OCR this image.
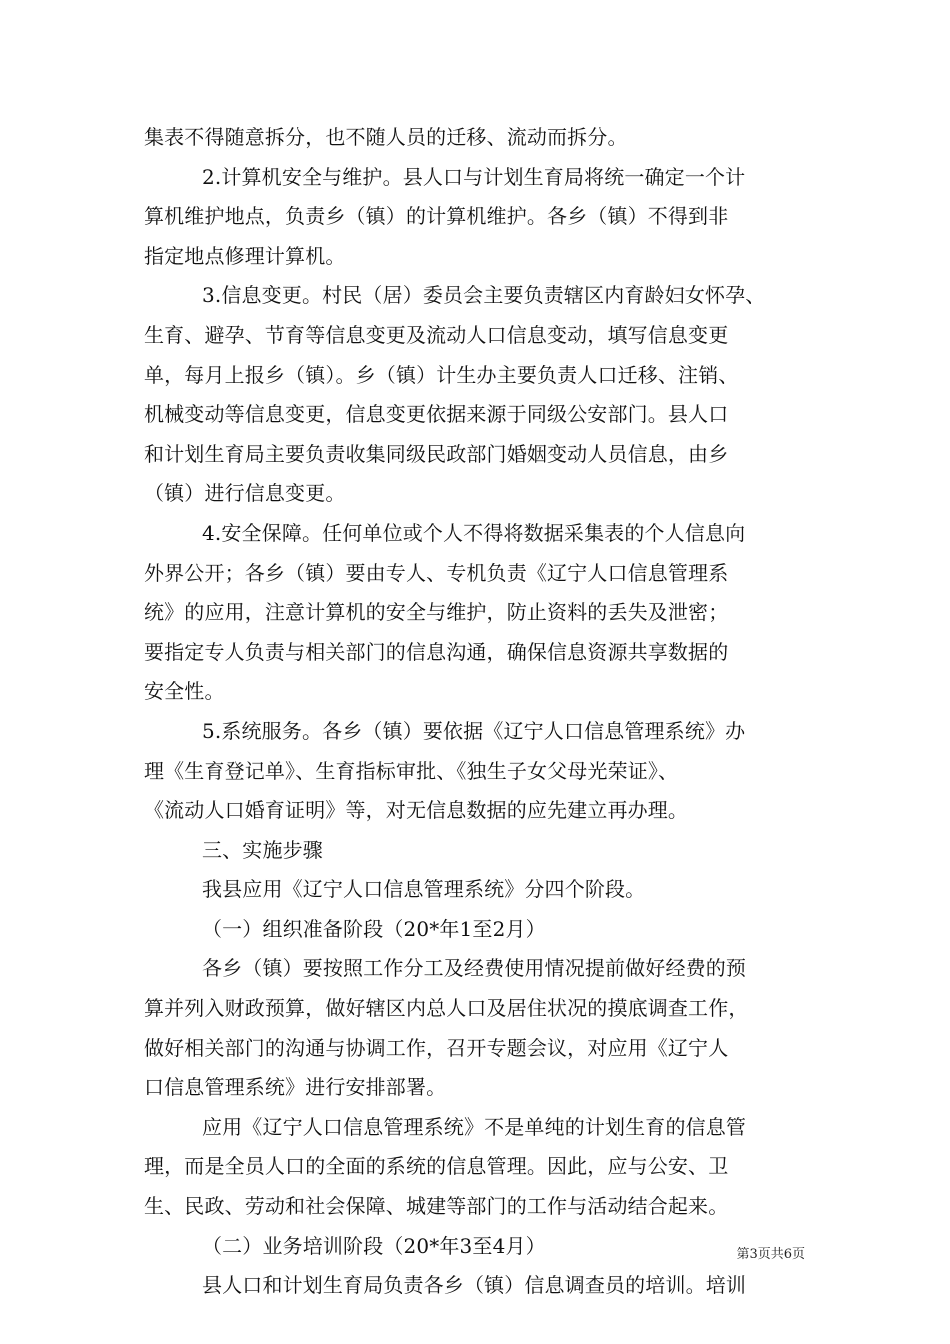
集表不得随意拆分，也不随人员的迁移、流动而拆分。
2.计算机安全与维护。县人口与计划生育局将统一确定一个计
算机维护地点，负责乡（镇）的计算机维护。各乡（镇）不得到非
指定地点修理计算机。
3.信息变更。村民（居）委员会主要负责辖区内育龄妇女怀孕、
生育、避孕、节育等信息变更及流动人口信息变动，填写信息变更
单，每月上报乡（镇）。乡（镇）计生办主要负责人口迁移、注销、
机械变动等信息变更，信息变更依据来源于同级公安部门。县人口
和计划生育局主要负责收集同级民政部门婚姻变动人员信息，由乡
（镇）进行信息变更。
4.安全保障。任何单位或个人不得将数据采集表的个人信息向
外界公开；各乡（镇）要由专人、专机负责《辽宁人口信息管理系
统》的应用，注意计算机的安全与维护，防止资料的丢失及泄密；
要指定专人负责与相关部门的信息沟通，确保信息资源共享数据的
安全性。
5.系统服务。各乡（镇）要依据《辽宁人口信息管理系统》办
理《生育登记单》、生育指标审批、《独生子女父母光荣证》、
《流动人口婚育证明》等，对无信息数据的应先建立再办理。
三、实施步骤
我县应用《辽宁人口信息管理系统》分四个阶段。
（一）组织准备阶段（20*年1至2月）
各乡（镇）要按照工作分工及经费使用情况提前做好经费的预
算并列入财政预算，做好辖区内总人口及居住状况的摸底调查工作，
做好相关部门的沟通与协调工作，召开专题会议，对应用《辽宁人
口信息管理系统》进行安排部署。
应用《辽宁人口信息管理系统》不是单纯的计划生育的信息管
理，而是全员人口的全面的系统的信息管理。因此，应与公安、卫
生、民政、劳动和社会保障、城建等部门的工作与活动结合起来。
（二）业务培训阶段（20*年3至4月）
县人口和计划生育局负责各乡（镇）信息调查员的培训。培训
第3页共6页
